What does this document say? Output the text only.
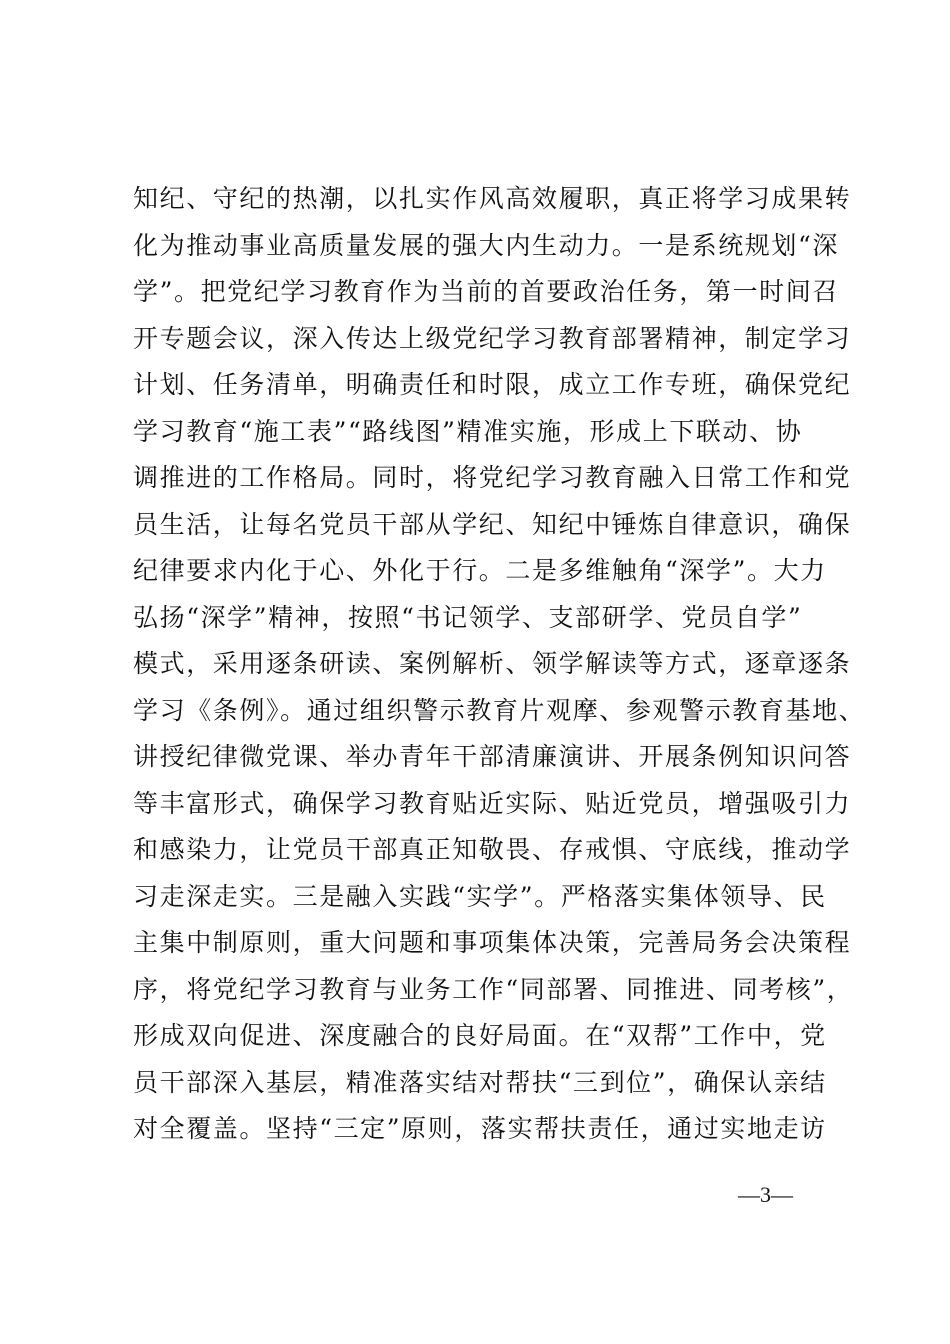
知纪、守纪的热潮，以扎实作风高效履职，真正将学习成果转
化为推动事业高质量发展的强大内生动力。一是系统规划“深
学”。把党纪学习教育作为当前的首要政治任务，第一时间召
开专题会议，深入传达上级党纪学习教育部署精神，制定学习
计划、任务清单，明确责任和时限，成立工作专班，确保党纪
学习教育“施工表”“路线图”精准实施，形成上下联动、协
调推进的工作格局。同时，将党纪学习教育融入日常工作和党
员生活，让每名党员干部从学纪、知纪中锤炼自律意识，确保
纪律要求内化于心、外化于行。二是多维触角“深学”。大力
弘扬“深学”精神，按照“书记领学、支部研学、党员自学”
模式，采用逐条研读、案例解析、领学解读等方式，逐章逐条
学习《条例》。通过组织警示教育片观摩、参观警示教育基地、
讲授纪律微党课、举办青年干部清廉演讲、开展条例知识问答
等丰富形式，确保学习教育贴近实际、贴近党员，增强吸引力
和感染力，让党员干部真正知敬畏、存戒惧、守底线，推动学
习走深走实。三是融入实践“实学”。严格落实集体领导、民
主集中制原则，重大问题和事项集体决策，完善局务会决策程
序，将党纪学习教育与业务工作“同部署、同推进、同考核”，
形成双向促进、深度融合的良好局面。在“双帮”工作中，党
员干部深入基层，精准落实结对帮扶“三到位”，确保认亲结
对全覆盖。坚持“三定”原则，落实帮扶责任，通过实地走访
—3—
